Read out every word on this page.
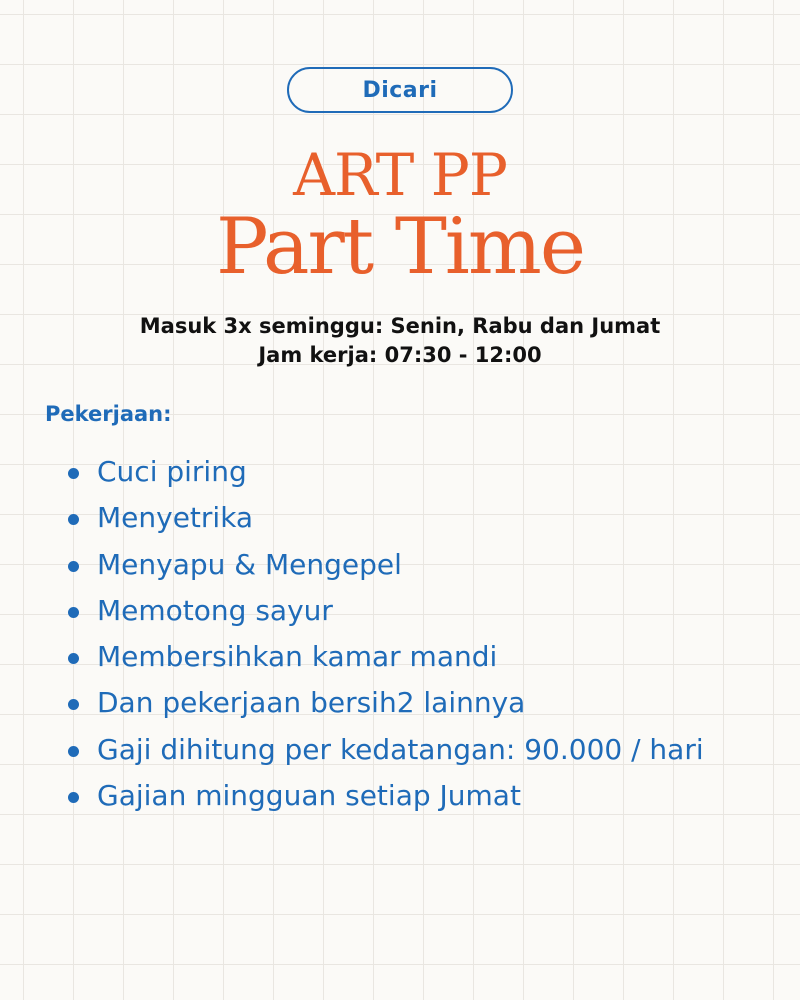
Dicari
ART PP
Part Time
Masuk 3x seminggu: Senin, Rabu dan Jumat
Jam kerja: 07:30 - 12:00
Pekerjaan:
Cuci piring
Menyetrika
Menyapu & Mengepel
Memotong sayur
Membersihkan kamar mandi
Dan pekerjaan bersih2 lainnya
Gaji dihitung per kedatangan: 90.000 / hari
Gajian mingguan setiap Jumat
